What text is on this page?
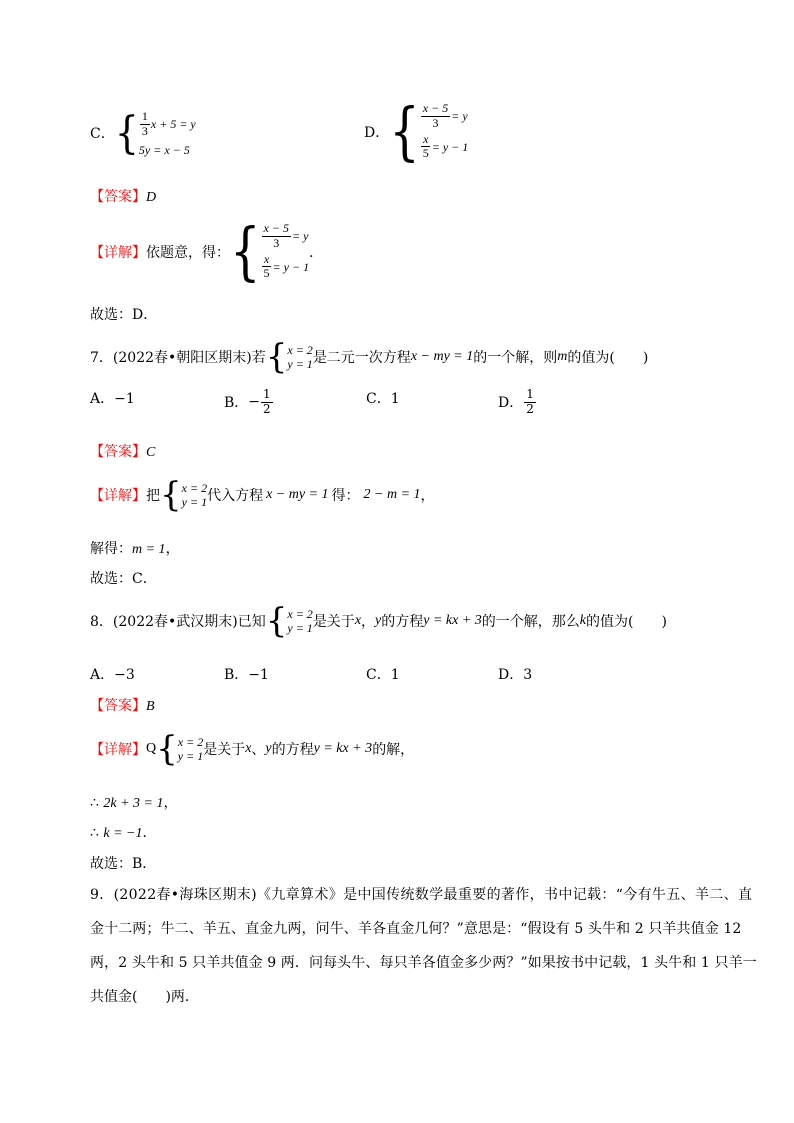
C． { $\frac{1}{3}$ x + 5 = y
5y = x − 5
D． { $\frac{x - 5}{3} = y$
$\frac{x}{5} = y - 1$
【答案】D
【详解】 依题意，得： { $\frac{x - 5}{3} = y$
$\frac{x}{5} = y - 1$
．
故选：D．
7． (2022春•朝阳区期末) 若 { x = 2
y = 1 是二元一次方程 x − my = 1 的一个解，则 m 的值为(　　)
A．−1	B． − $\frac{1}{2}$	C．1	D． $\frac{1}{2}$
【答案】C
【详解】 把 { x = 2
y = 1 代入方程 x − my = 1 得： 2 − m = 1 ，
解得：m = 1，
故选：C．
8． (2022春•武汉期末) 已知 { x = 2
y = 1 是关于 x ， y 的方程 y = kx + 3 的一个解，那么 k 的值为(　　)
A．−3	B．−1	C．1	D．3
【答案】B
【详解】 Q { x = 2
y = 1 是关于 x 、 y 的方程 y = kx + 3 的解，
∴ 2k + 3 = 1，
∴ k = −1．
故选：B．
9．(2022春•海珠区期末)《九章算术》是中国传统数学最重要的著作，书中记载：“今有牛五、羊二、直
金十二两；牛二、羊五、直金九两，问牛、羊各直金几何？”意思是：“假设有 5 头牛和 2 只羊共值金 12
两，2 头牛和 5 只羊共值金 9 两．问每头牛、每只羊各值金多少两？”如果按书中记载，1 头牛和 1 只羊一
共值金(　　)两．
